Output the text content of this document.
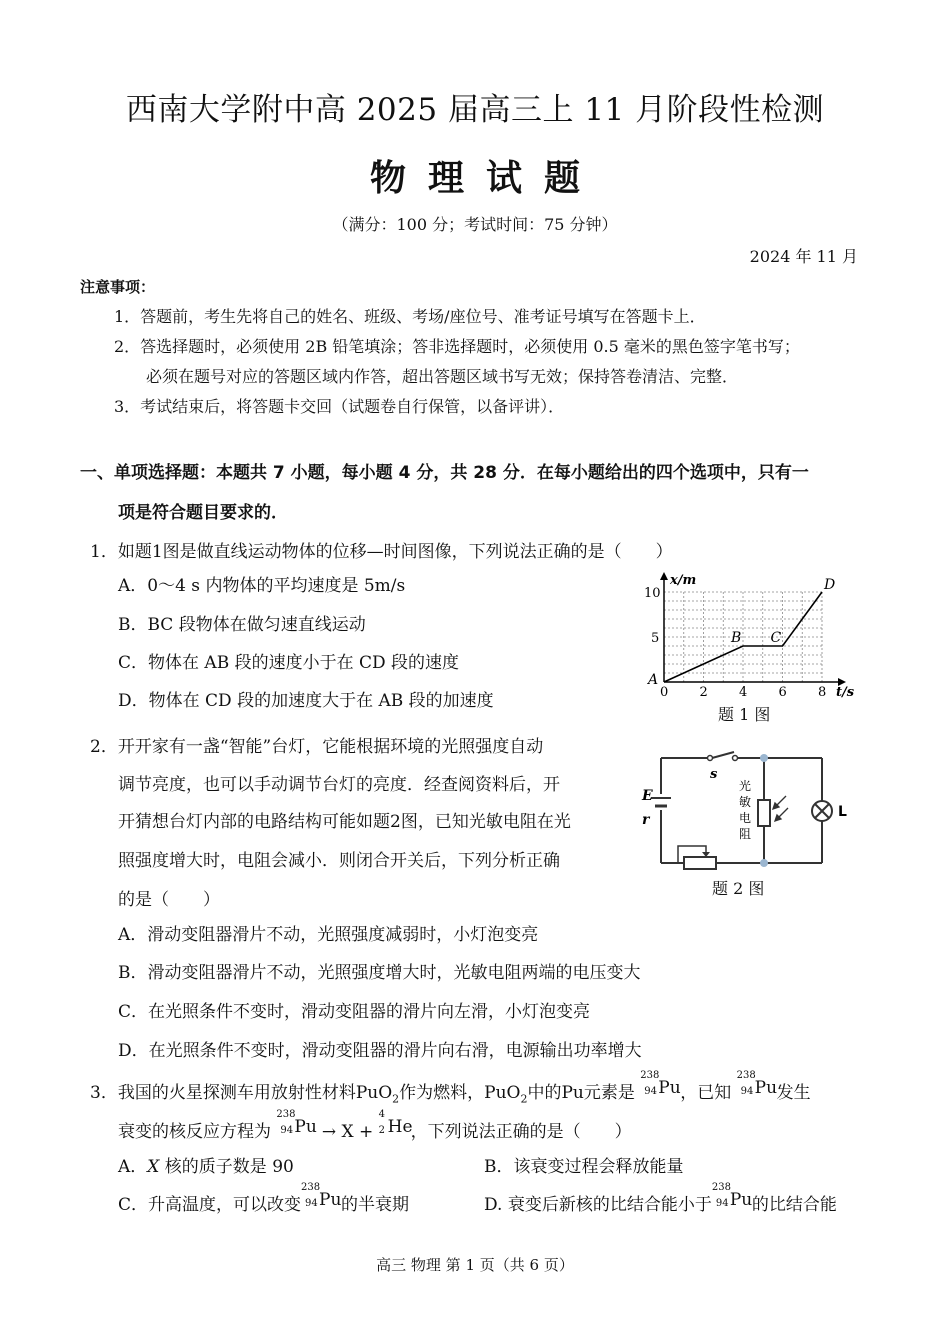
西南大学附中高 2025 届高三上 11 月阶段性检测
物理试题
（满分：100 分；考试时间：75 分钟）
2024 年 11 月
注意事项：
1．答题前，考生先将自己的姓名、班级、考场/座位号、准考证号填写在答题卡上．
2．答选择题时，必须使用 2B 铅笔填涂；答非选择题时，必须使用 0.5 毫米的黑色签字笔书写；
必须在题号对应的答题区域内作答，超出答题区域书写无效；保持答卷清洁、完整．
3．考试结束后，将答题卡交回（试题卷自行保管，以备评讲）．
一、单项选择题：本题共 7 小题，每小题 4 分，共 28 分．在每小题给出的四个选项中，只有一
项是符合题目要求的．
1．如题1图是做直线运动物体的位移—时间图像，下列说法正确的是（　　）
A．0～4 s 内物体的平均速度是 5m/s
B．BC 段物体在做匀速直线运动
C．物体在 AB 段的速度小于在 CD 段的速度
D．物体在 CD 段的加速度大于在 AB 段的加速度	0 2 4 6 8
5
10
t/s
x/m
A
B C
D
题 1 图
2．开开家有一盏“智能”台灯，它能根据环境的光照强度自动
调节亮度，也可以手动调节台灯的亮度．经查阅资料后，开
开猜想台灯内部的电路结构可能如题2图，已知光敏电阻在光
照强度增大时，电阻会减小．则闭合开关后，下列分析正确
的是（　　）
s
E
r	L
光
敏
电
阻
题 2 图
A．滑动变阻器滑片不动，光照强度减弱时，小灯泡变亮
B．滑动变阻器滑片不动，光照强度增大时，光敏电阻两端的电压变大
C．在光照条件不变时，滑动变阻器的滑片向左滑，小灯泡变亮
D．在光照条件不变时，滑动变阻器的滑片向右滑，电源输出功率增大
3．我国的火星探测车用放射性材料PuO$_2$作为燃料，PuO$_2$中的Pu元素是
238
94 Pu ，已知
238
94 Pu 发生
衰变的核反应方程为
238
94 Pu → X +
4
2 He
，下列说法正确的是（　　）
A．X 核的质子数是 90	B．该衰变过程会释放能量
C．升高温度，可以改变
238
94 Pu 的半衰期	D. 衰变后新核的比结合能小于
238
94 Pu 的比结合能
高三 物理 第 1 页（共 6 页）
